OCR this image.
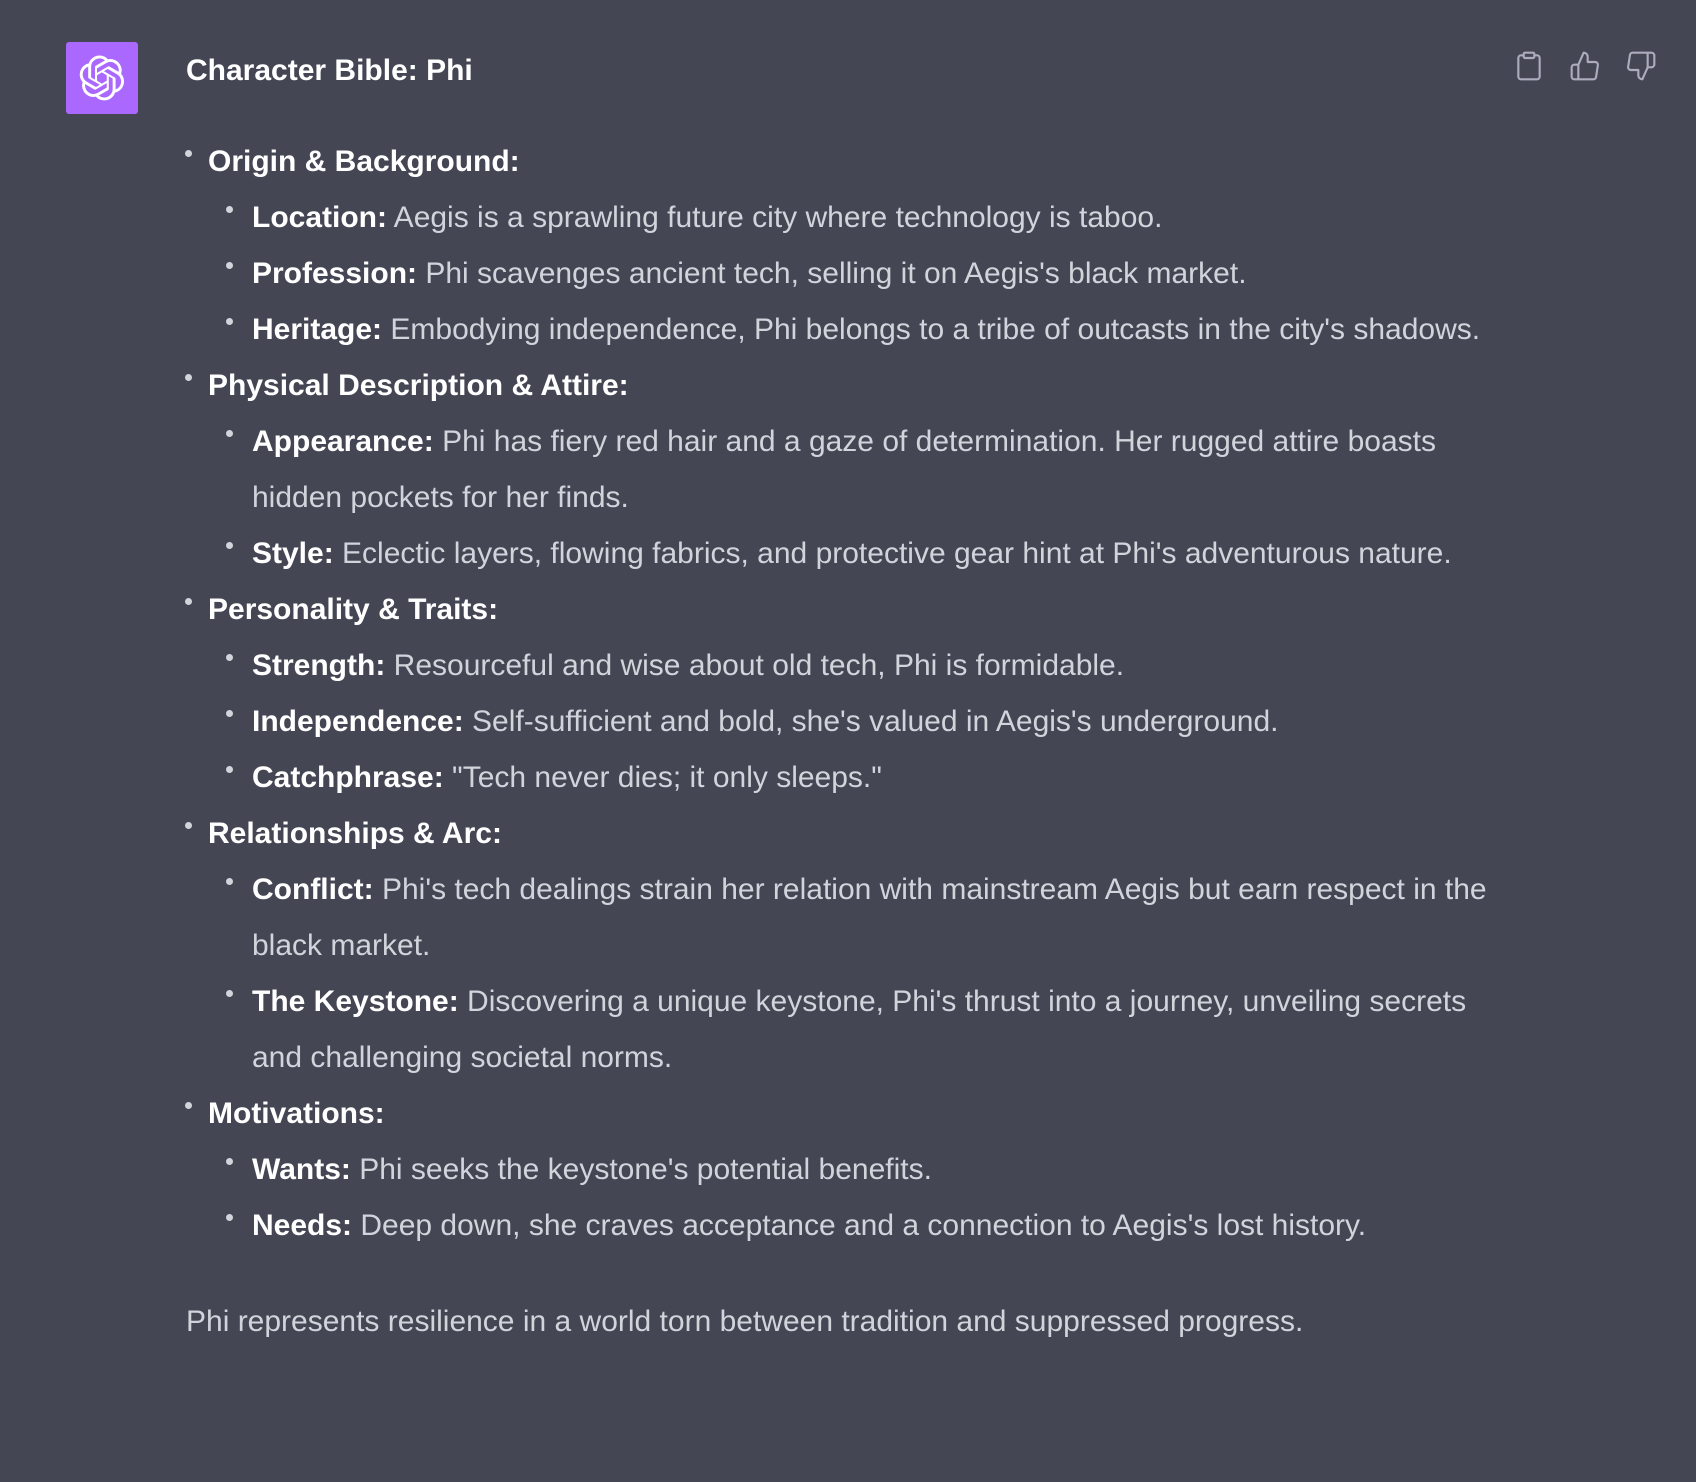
Character Bible: Phi
Origin & Background:
Location: Aegis is a sprawling future city where technology is taboo.
Profession: Phi scavenges ancient tech, selling it on Aegis's black market.
Heritage: Embodying independence, Phi belongs to a tribe of outcasts in the city's shadows.
Physical Description & Attire:
Appearance: Phi has fiery red hair and a gaze of determination. Her rugged attire boasts hidden pockets for her finds.
Style: Eclectic layers, flowing fabrics, and protective gear hint at Phi's adventurous nature.
Personality & Traits:
Strength: Resourceful and wise about old tech, Phi is formidable.
Independence: Self-sufficient and bold, she's valued in Aegis's underground.
Catchphrase: "Tech never dies; it only sleeps."
Relationships & Arc:
Conflict: Phi's tech dealings strain her relation with mainstream Aegis but earn respect in the black market.
The Keystone: Discovering a unique keystone, Phi's thrust into a journey, unveiling secrets and challenging societal norms.
Motivations:
Wants: Phi seeks the keystone's potential benefits.
Needs: Deep down, she craves acceptance and a connection to Aegis's lost history.
Phi represents resilience in a world torn between tradition and suppressed progress.
